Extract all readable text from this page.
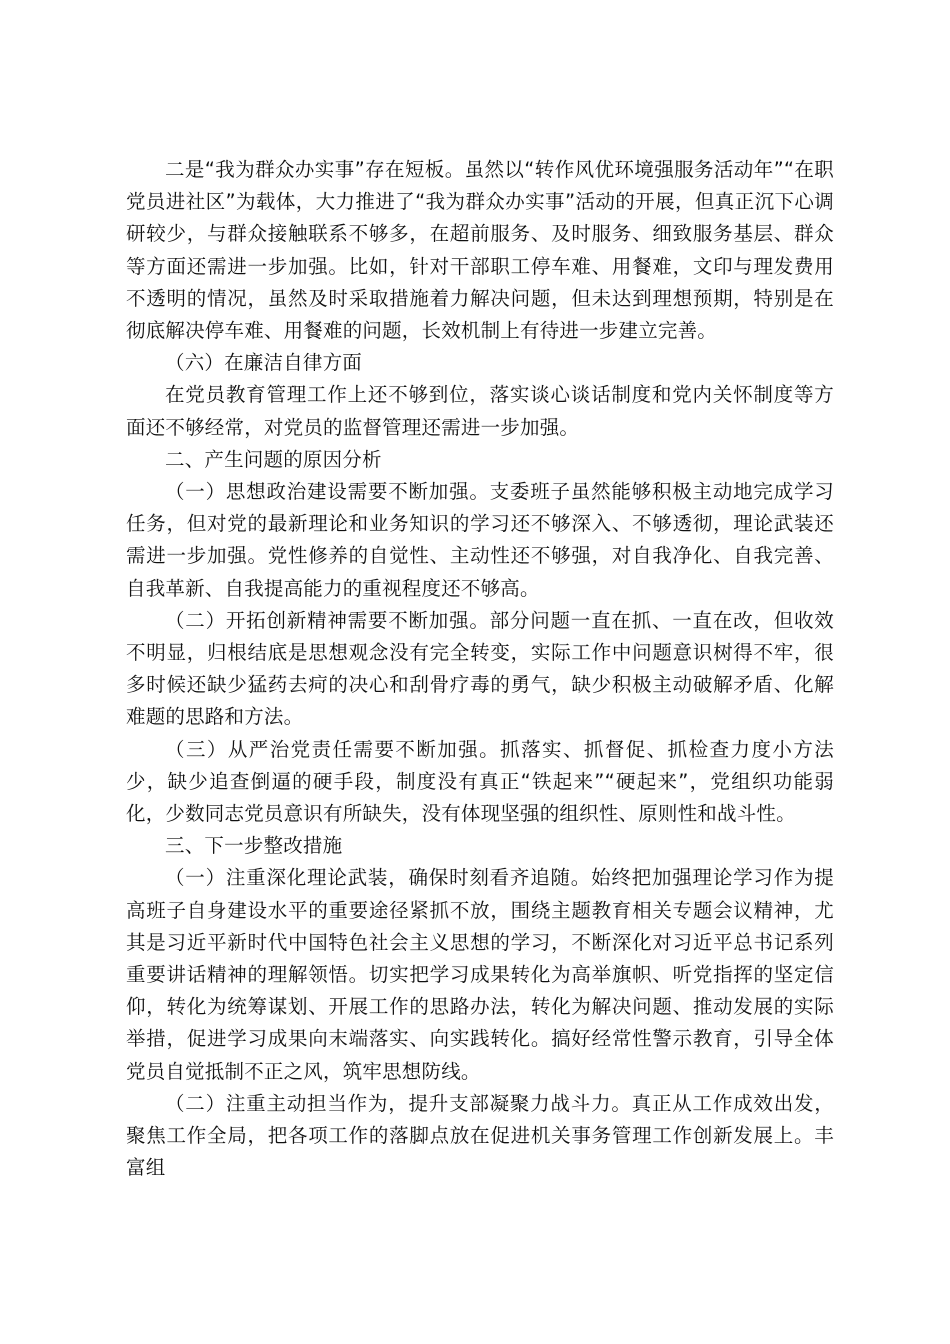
二是“我为群众办实事”存在短板。虽然以“转作风优环境强服务活动年”“在职党员进社区”为载体，大力推进了“我为群众办实事”活动的开展，但真正沉下心调研较少，与群众接触联系不够多，在超前服务、及时服务、细致服务基层、群众等方面还需进一步加强。比如，针对干部职工停车难、用餐难，文印与理发费用不透明的情况，虽然及时采取措施着力解决问题，但未达到理想预期，特别是在彻底解决停车难、用餐难的问题，长效机制上有待进一步建立完善。

（六）在廉洁自律方面

在党员教育管理工作上还不够到位，落实谈心谈话制度和党内关怀制度等方面还不够经常，对党员的监督管理还需进一步加强。

二、产生问题的原因分析

（一）思想政治建设需要不断加强。支委班子虽然能够积极主动地完成学习任务，但对党的最新理论和业务知识的学习还不够深入、不够透彻，理论武装还需进一步加强。党性修养的自觉性、主动性还不够强，对自我净化、自我完善、自我革新、自我提高能力的重视程度还不够高。

（二）开拓创新精神需要不断加强。部分问题一直在抓、一直在改，但收效不明显，归根结底是思想观念没有完全转变，实际工作中问题意识树得不牢，很多时候还缺少猛药去疴的决心和刮骨疗毒的勇气，缺少积极主动破解矛盾、化解难题的思路和方法。

（三）从严治党责任需要不断加强。抓落实、抓督促、抓检查力度小方法少，缺少追查倒逼的硬手段，制度没有真正“铁起来”“硬起来”，党组织功能弱化，少数同志党员意识有所缺失，没有体现坚强的组织性、原则性和战斗性。

三、下一步整改措施

（一）注重深化理论武装，确保时刻看齐追随。始终把加强理论学习作为提高班子自身建设水平的重要途径紧抓不放，围绕主题教育相关专题会议精神，尤其是习近平新时代中国特色社会主义思想的学习，不断深化对习近平总书记系列重要讲话精神的理解领悟。切实把学习成果转化为高举旗帜、听党指挥的坚定信仰，转化为统筹谋划、开展工作的思路办法，转化为解决问题、推动发展的实际举措，促进学习成果向末端落实、向实践转化。搞好经常性警示教育，引导全体党员自觉抵制不正之风，筑牢思想防线。

（二）注重主动担当作为，提升支部凝聚力战斗力。真正从工作成效出发，聚焦工作全局，把各项工作的落脚点放在促进机关事务管理工作创新发展上。丰富组
